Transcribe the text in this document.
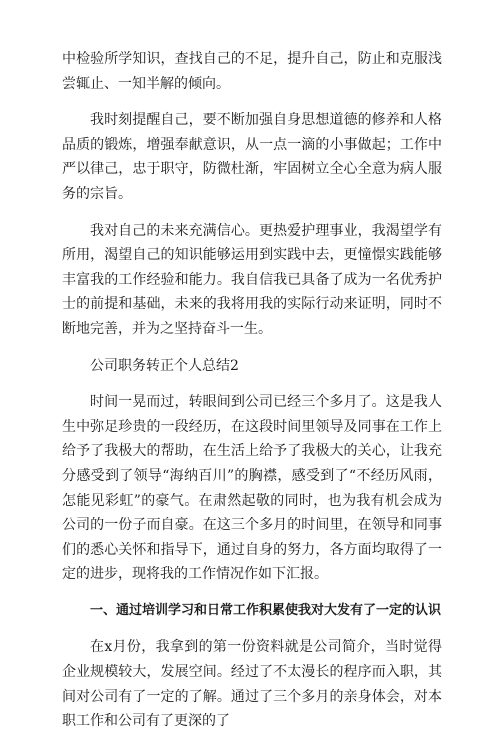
中检验所学知识，查找自己的不足，提升自己，防止和克服浅尝辄止、一知半解的倾向。

我时刻提醒自己，要不断加强自身思想道德的修养和人格品质的锻炼，增强奉献意识，从一点一滴的小事做起；工作中严以律己，忠于职守，防微杜渐，牢固树立全心全意为病人服务的宗旨。

我对自己的未来充满信心。更热爱护理事业，我渴望学有所用，渴望自己的知识能够运用到实践中去，更憧憬实践能够丰富我的工作经验和能力。我自信我已具备了成为一名优秀护士的前提和基础，未来的我将用我的实际行动来证明，同时不断地完善，并为之坚持奋斗一生。

公司职务转正个人总结2

时间一晃而过，转眼间到公司已经三个多月了。这是我人生中弥足珍贵的一段经历，在这段时间里领导及同事在工作上给予了我极大的帮助，在生活上给予了我极大的关心，让我充分感受到了领导“海纳百川”的胸襟，感受到了“不经历风雨，怎能见彩虹”的豪气。在肃然起敬的同时，也为我有机会成为公司的一份子而自豪。在这三个多月的时间里，在领导和同事们的悉心关怀和指导下，通过自身的努力，各方面均取得了一定的进步，现将我的工作情况作如下汇报。

一、通过培训学习和日常工作积累使我对大发有了一定的认识

在x月份，我拿到的第一份资料就是公司简介，当时觉得企业规模较大，发展空间。经过了不太漫长的程序而入职，其间对公司有了一定的了解。通过了三个多月的亲身体会，对本职工作和公司有了更深的了
